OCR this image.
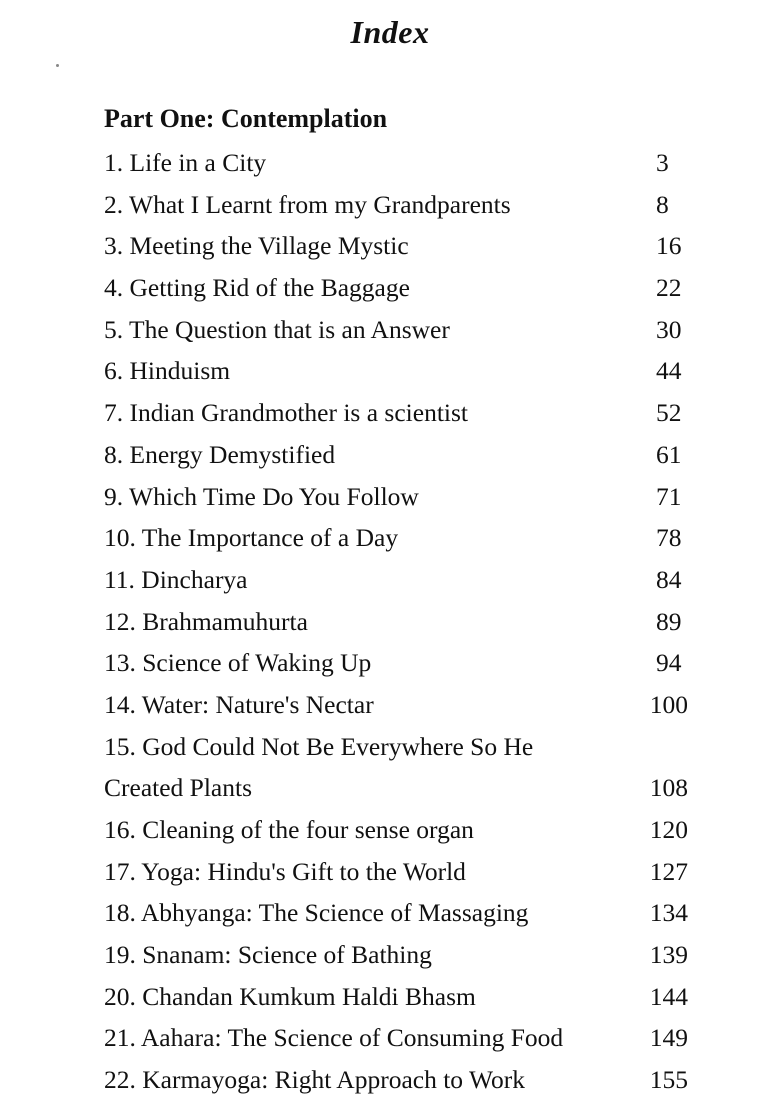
Index
Part One: Contemplation
1. Life in a City	3
2. What I Learnt from my Grandparents	8
3. Meeting the Village Mystic	16
4. Getting Rid of the Baggage	22
5. The Question that is an Answer	30
6. Hinduism	44
7. Indian Grandmother is a scientist	52
8. Energy Demystified	61
9. Which Time Do You Follow	71
10. The Importance of a Day	78
11. Dincharya	84
12. Brahmamuhurta	89
13. Science of Waking Up	94
14. Water: Nature's Nectar	100
15. God Could Not Be Everywhere So He
Created Plants	108
16. Cleaning of the four sense organ	120
17. Yoga: Hindu's Gift to the World	127
18. Abhyanga: The Science of Massaging	134
19. Snanam: Science of Bathing	139
20. Chandan Kumkum Haldi Bhasm	144
21. Aahara: The Science of Consuming Food	149
22. Karmayoga: Right Approach to Work	155
